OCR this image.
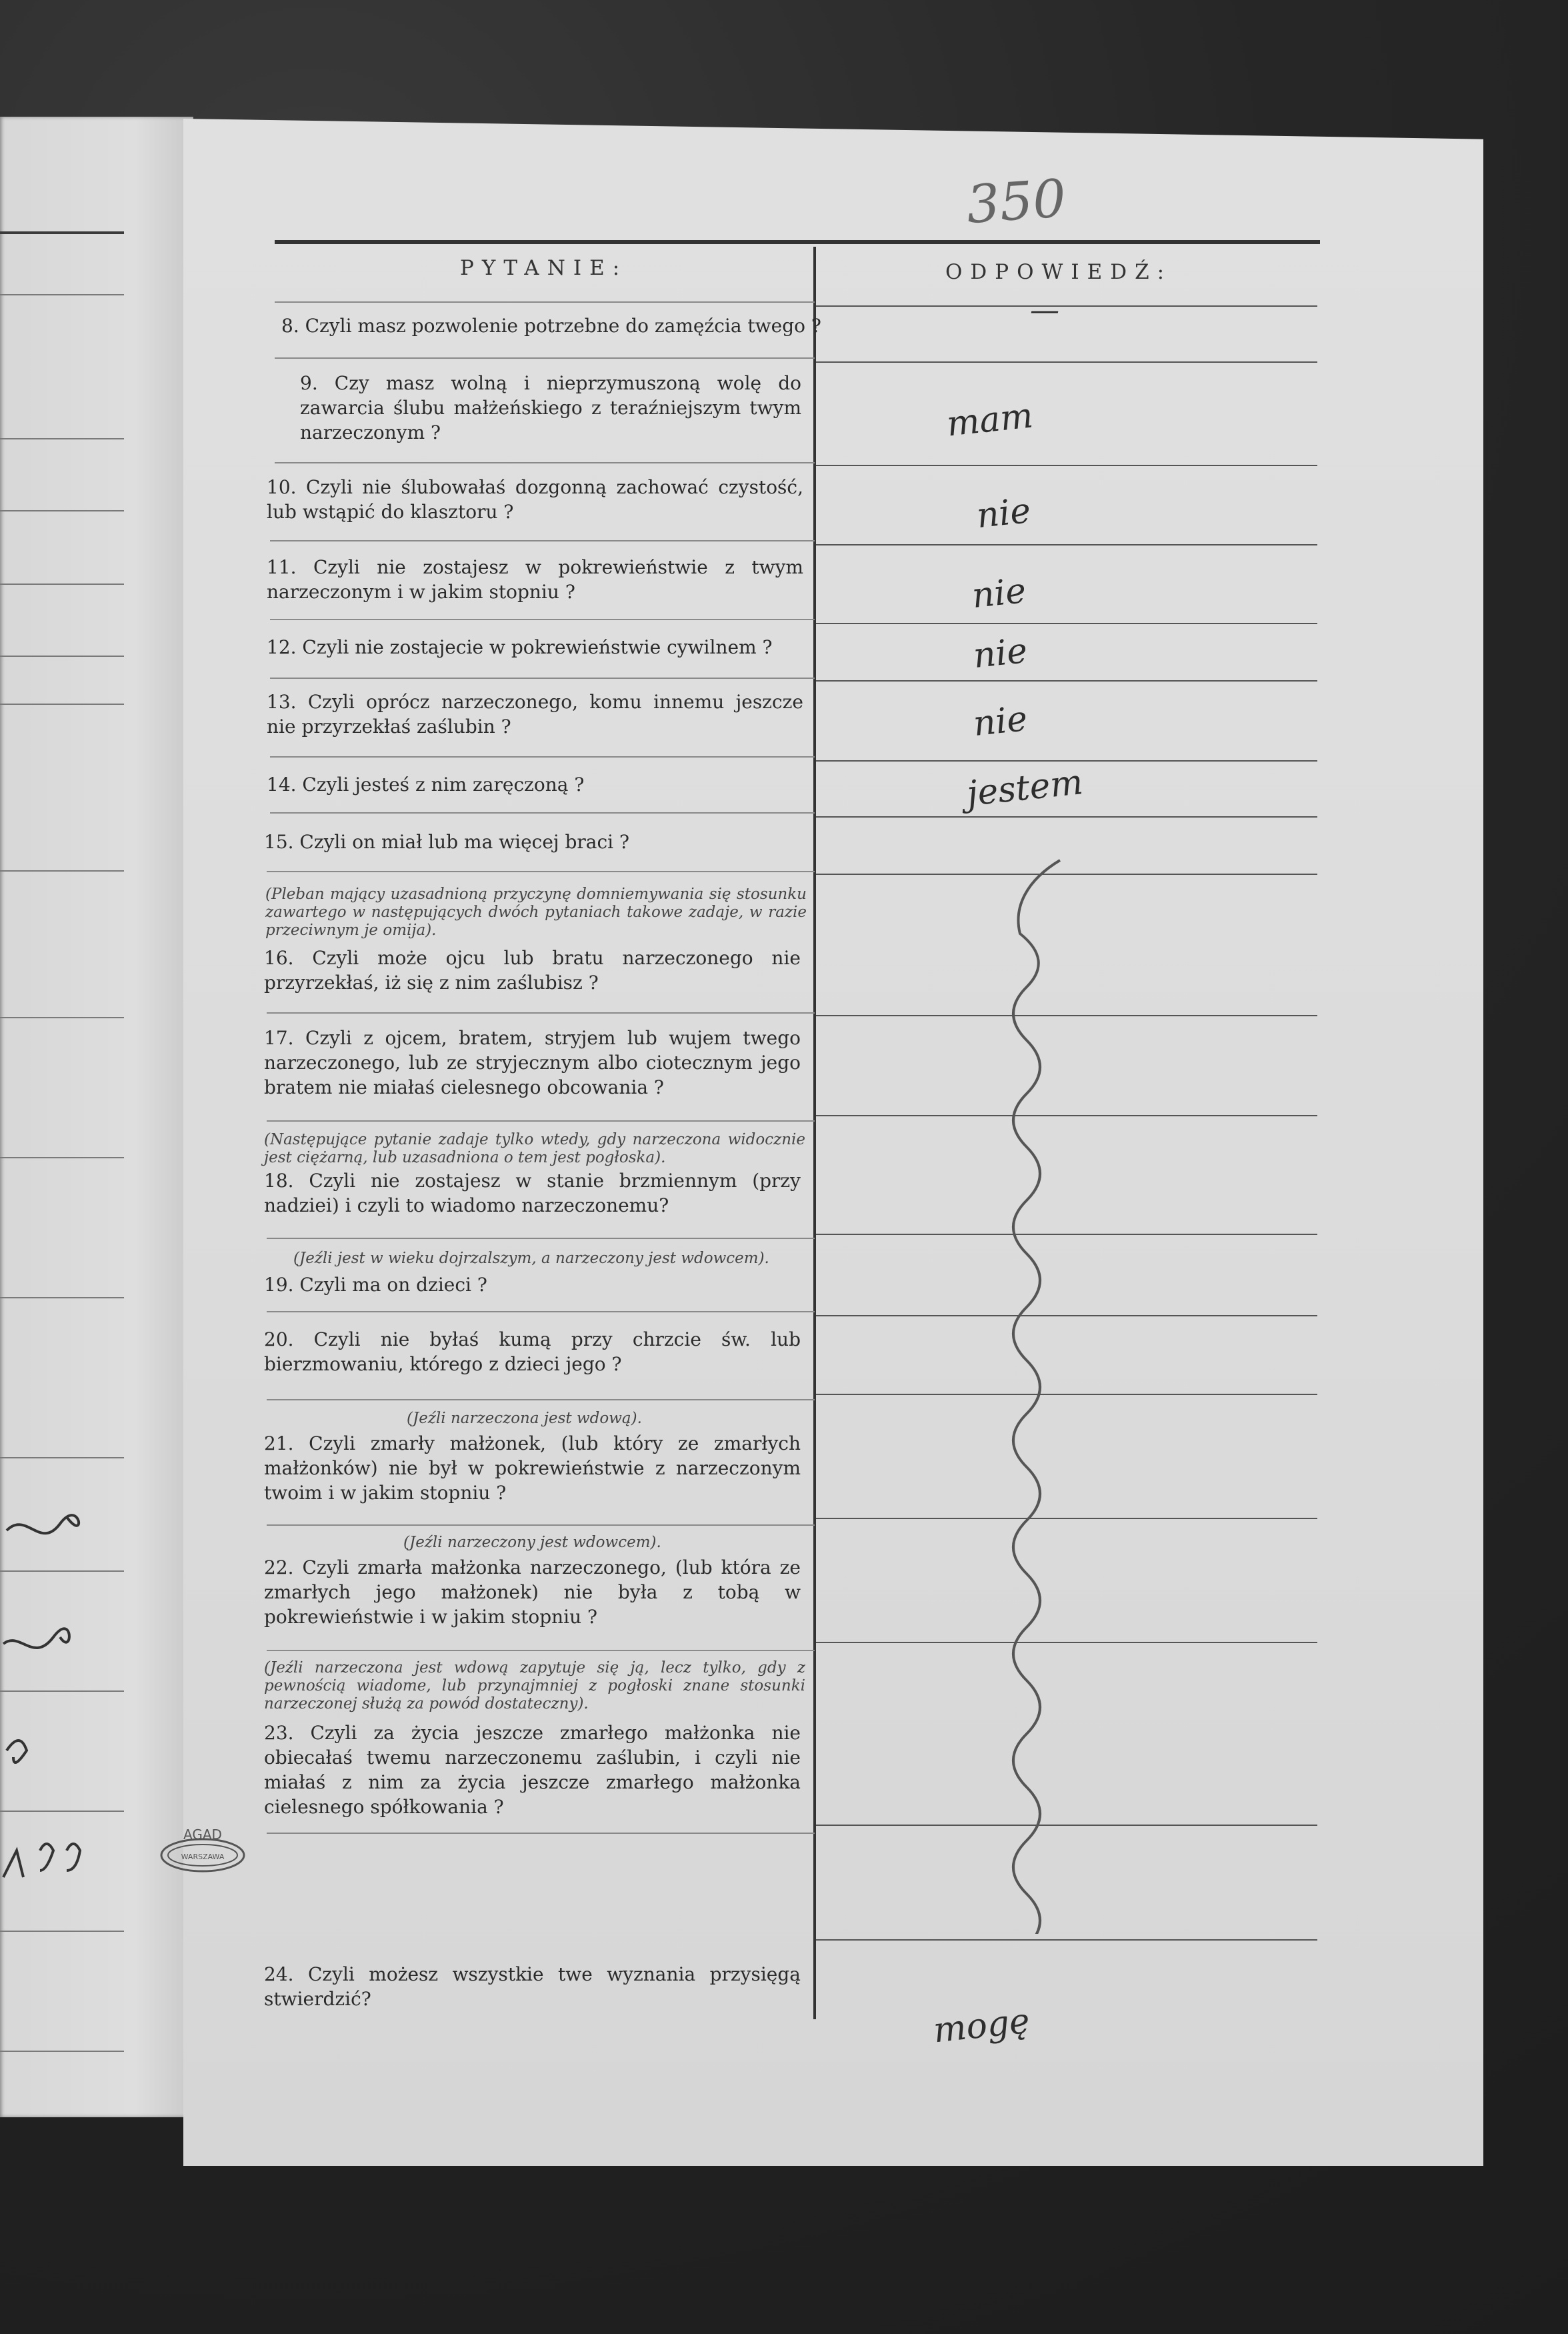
350
PYTANIE:	ODPOWIEDŹ:
8. Czyli masz pozwolenie potrzebne do zamęźcia twego ?
9. Czy masz wolną i nieprzymuszoną wolę do zawarcia ślubu małżeńskiego z teraźniejszym twym narzeczonym ?
10. Czyli nie ślubowałaś dozgonną zachować czystość, lub wstąpić do klasztoru ?
11. Czyli nie zostajesz w pokrewieństwie z twym narzeczonym i w jakim stopniu ?
12. Czyli nie zostajecie w pokrewieństwie cywilnem ?
13. Czyli oprócz narzeczonego, komu innemu jeszcze nie przyrzekłaś zaślubin ?
14. Czyli jesteś z nim zaręczoną ?
15. Czyli on miał lub ma więcej braci ?
(Pleban mający uzasadnioną przyczynę domniemywania się stosunku zawartego w następujących dwóch pytaniach takowe zadaje, w razie przeciwnym je omija).
16. Czyli może ojcu lub bratu narzeczonego nie przyrzekłaś, iż się z nim zaślubisz ?
17. Czyli z ojcem, bratem, stryjem lub wujem twego narzeczonego, lub ze stryjecznym albo ciotecznym jego bratem nie miałaś cielesnego obcowania ?
(Następujące pytanie zadaje tylko wtedy, gdy narzeczona widocznie jest ciężarną, lub uzasadniona o tem jest pogłoska).
18. Czyli nie zostajesz w stanie brzmiennym (przy nadziei) i czyli to wiadomo narzeczonemu?
(Jeźli jest w wieku dojrzalszym, a narzeczony jest wdowcem).
19. Czyli ma on dzieci ?
20. Czyli nie byłaś kumą przy chrzcie św. lub bierzmowaniu, którego z dzieci jego ?
(Jeźli narzeczona jest wdową).
21. Czyli zmarły małżonek, (lub który ze zmarłych małżonków) nie był w pokrewieństwie z narzeczonym twoim i w jakim stopniu ?
(Jeźli narzeczony jest wdowcem).
22. Czyli zmarła małżonka narzeczonego, (lub która ze zmarłych jego małżonek) nie była z tobą w pokrewieństwie i w jakim stopniu ?
(Jeźli narzeczona jest wdową zapytuje się ją, lecz tylko, gdy z pewnością wiadome, lub przynajmniej z pogłoski znane stosunki narzeczonej służą za powód dostateczny).
23. Czyli za życia jeszcze zmarłego małżonka nie obiecałaś twemu narzeczonemu zaślubin, i czyli nie miałaś z nim za życia jeszcze zmarłego małżonka cielesnego spółkowania ?
24. Czyli możesz wszystkie twe wyznania przysięgą stwierdzić?
—
mam
nie
nie
nie
nie
jestem
mogę
AGAD
WARSZAWA
